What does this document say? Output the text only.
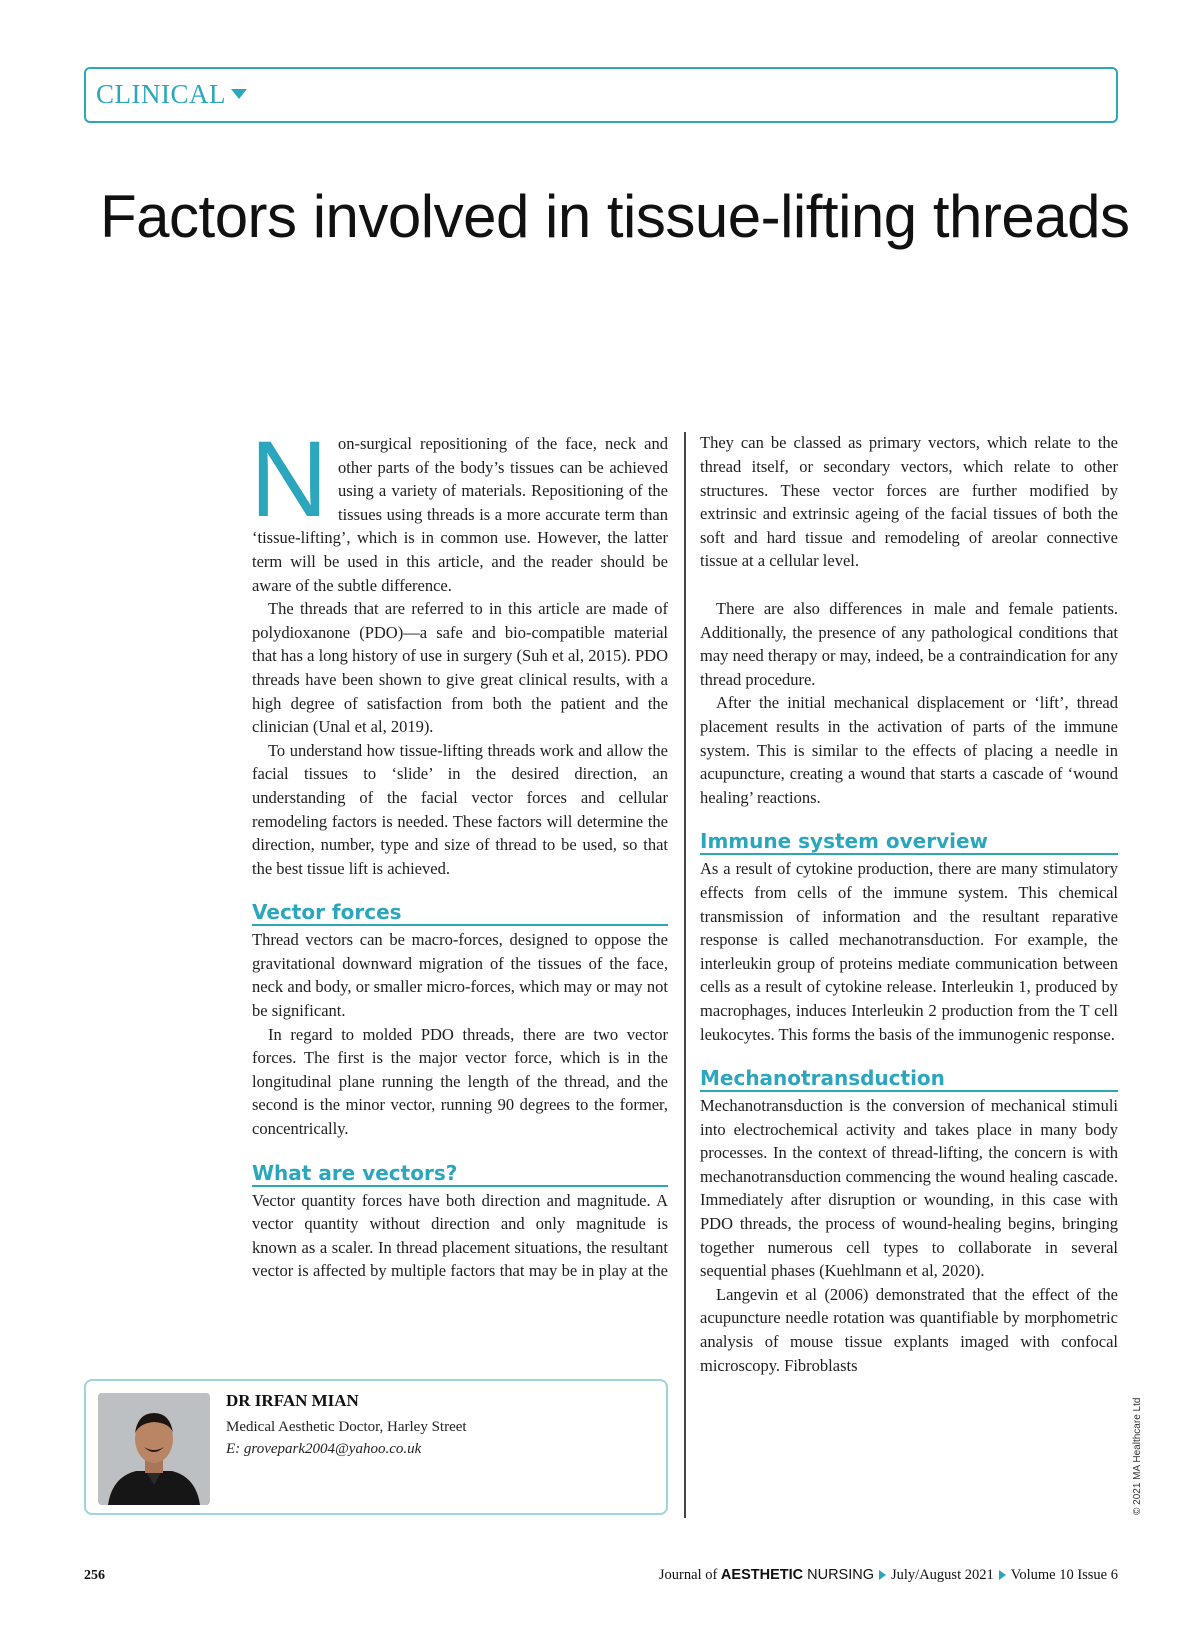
CLINICAL
Factors involved in tissue-lifting threads

Non-surgical repositioning of the face, neck and other parts of the body’s tissues can be achieved using a variety of materials. Repositioning of the tissues using threads is a more accurate term than ‘tissue-lifting’, which is in common use. However, the latter term will be used in this article, and the reader should be aware of the subtle difference.

The threads that are referred to in this article are made of polydioxanone (PDO)—a safe and bio-compatible material that has a long history of use in surgery (Suh et al, 2015). PDO threads have been shown to give great clinical results, with a high degree of satisfaction from both the patient and the clinician (Unal et al, 2019).

To understand how tissue-lifting threads work and allow the facial tissues to ‘slide’ in the desired direction, an understanding of the facial vector forces and cellular remodeling factors is needed. These factors will determine the direction, number, type and size of thread to be used, so that the best tissue lift is achieved.

Vector forces

Thread vectors can be macro-forces, designed to oppose the gravitational downward migration of the tissues of the face, neck and body, or smaller micro-forces, which may or may not be significant.

In regard to molded PDO threads, there are two vector forces. The first is the major vector force, which is in the longitudinal plane running the length of the thread, and the second is the minor vector, running 90 degrees to the former, concentrically.

What are vectors?

Vector quantity forces have both direction and magnitude. A vector quantity without direction and only magnitude is known as a scaler. In thread placement situations, the resultant vector is affected by multiple factors that may be in play at the

They can be classed as primary vectors, which relate to the thread itself, or secondary vectors, which relate to other structures. These vector forces are further modified by extrinsic and extrinsic ageing of the facial tissues of both the soft and hard tissue and remodeling of areolar connective tissue at a cellular level.

There are also differences in male and female patients. Additionally, the presence of any pathological conditions that may need therapy or may, indeed, be a contraindication for any thread procedure.

After the initial mechanical displacement or ‘lift’, thread placement results in the activation of parts of the immune system. This is similar to the effects of placing a needle in acupuncture, creating a wound that starts a cascade of ‘wound healing’ reactions.

Immune system overview

As a result of cytokine production, there are many stimulatory effects from cells of the immune system. This chemical transmission of information and the resultant reparative response is called mechanotransduction. For example, the interleukin group of proteins mediate communication between cells as a result of cytokine release. Interleukin 1, produced by macrophages, induces Interleukin 2 production from the T cell leukocytes. This forms the basis of the immunogenic response.

Mechanotransduction

Mechanotransduction is the conversion of mechanical stimuli into electrochemical activity and takes place in many body processes. In the context of thread-lifting, the concern is with mechanotransduction commencing the wound healing cascade. Immediately after disruption or wounding, in this case with PDO threads, the process of wound-healing begins, bringing together numerous cell types to collaborate in several sequential phases (Kuehlmann et al, 2020).

Langevin et al (2006) demonstrated that the effect of the acupuncture needle rotation was quantifiable by morphometric analysis of mouse tissue explants imaged with confocal microscopy. Fibroblasts

DR IRFAN MIAN
Medical Aesthetic Doctor, Harley Street
E: grovepark2004@yahoo.co.uk	© 2021 MA Healthcare Ltd
256	Journal of AESTHETIC NURSING July/August 2021 Volume 10 Issue 6
